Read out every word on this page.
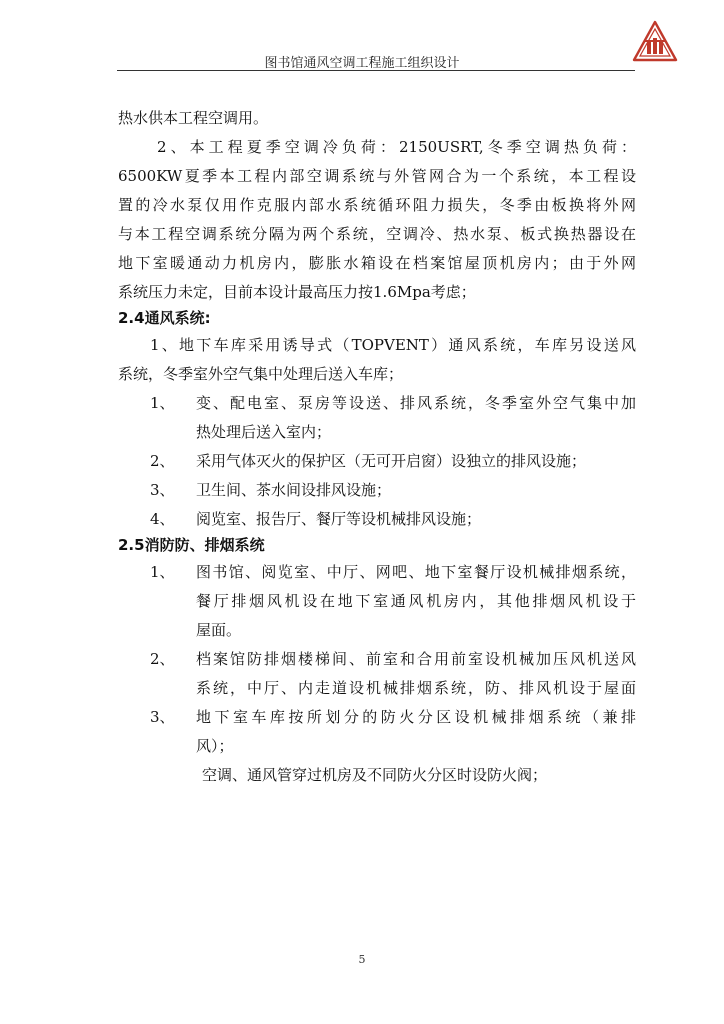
图书馆通风空调工程施工组织设计
热水供本工程空调用。
2、本工程夏季空调冷负荷：2150USRT,冬季空调热负荷：
6500KW夏季本工程内部空调系统与外管网合为一个系统，本工程设
置的冷水泵仅用作克服内部水系统循环阻力损失，冬季由板换将外网
与本工程空调系统分隔为两个系统，空调冷、热水泵、板式换热器设在
地下室暖通动力机房内，膨胀水箱设在档案馆屋顶机房内；由于外网
系统压力未定，目前本设计最高压力按1.6Mpa考虑；
2.4通风系统:
1、地下车库采用诱导式（TOPVENT）通风系统，车库另设送风
系统，冬季室外空气集中处理后送入车库；
1、 变、配电室、泵房等设送、排风系统，冬季室外空气集中加
热处理后送入室内；
2、 采用气体灭火的保护区（无可开启窗）设独立的排风设施；
3、 卫生间、茶水间设排风设施；
4、 阅览室、报告厅、餐厅等设机械排风设施；
2.5消防防、排烟系统
1、 图书馆、阅览室、中厅、网吧、地下室餐厅设机械排烟系统，
餐厅排烟风机设在地下室通风机房内，其他排烟风机设于
屋面。
2、 档案馆防排烟楼梯间、前室和合用前室设机械加压风机送风
系统，中厅、内走道设机械排烟系统，防、排风机设于屋面
3、 地下室车库按所划分的防火分区设机械排烟系统（兼排
风）；
空调、通风管穿过机房及不同防火分区时设防火阀；
5
